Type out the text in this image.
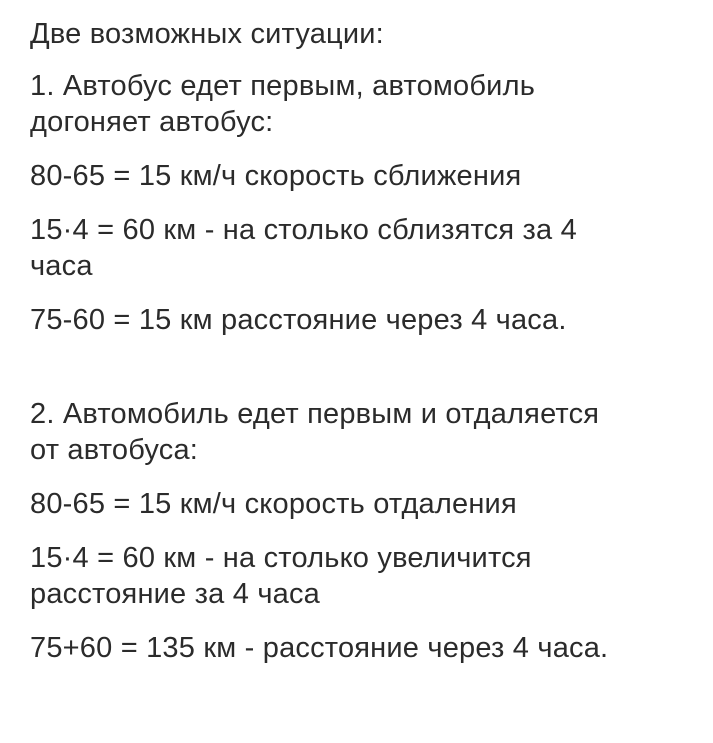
Две возможных ситуации:
1. Автобус едет первым, автомобиль
догоняет автобус:
80-65 = 15 км/ч скорость сближения
15·4 = 60 км - на столько сблизятся за 4
часа
75-60 = 15 км расстояние через 4 часа.
2. Автомобиль едет первым и отдаляется
от автобуса:
80-65 = 15 км/ч скорость отдаления
15·4 = 60 км - на столько увеличится
расстояние за 4 часа
75+60 = 135 км - расстояние через 4 часа.
